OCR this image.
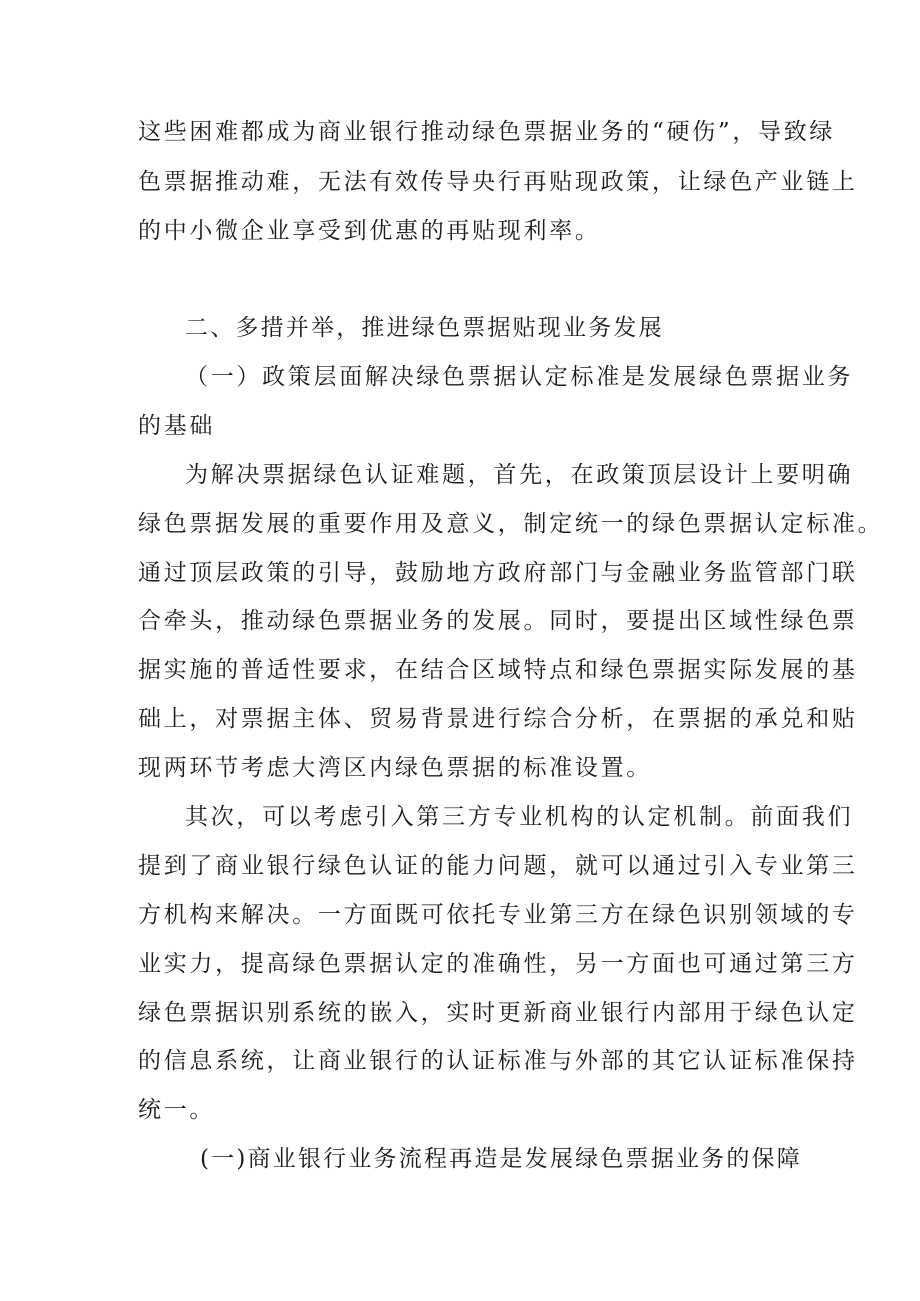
这些困难都成为商业银行推动绿色票据业务的“硬伤”，导致绿
色票据推动难，无法有效传导央行再贴现政策，让绿色产业链上
的中小微企业享受到优惠的再贴现利率。
二、多措并举，推进绿色票据贴现业务发展
（一）政策层面解决绿色票据认定标准是发展绿色票据业务
的基础
为解决票据绿色认证难题，首先，在政策顶层设计上要明确
绿色票据发展的重要作用及意义，制定统一的绿色票据认定标准。
通过顶层政策的引导，鼓励地方政府部门与金融业务监管部门联
合牵头，推动绿色票据业务的发展。同时，要提出区域性绿色票
据实施的普适性要求，在结合区域特点和绿色票据实际发展的基
础上，对票据主体、贸易背景进行综合分析，在票据的承兑和贴
现两环节考虑大湾区内绿色票据的标准设置。
其次，可以考虑引入第三方专业机构的认定机制。前面我们
提到了商业银行绿色认证的能力问题，就可以通过引入专业第三
方机构来解决。一方面既可依托专业第三方在绿色识别领域的专
业实力，提高绿色票据认定的准确性，另一方面也可通过第三方
绿色票据识别系统的嵌入，实时更新商业银行内部用于绿色认定
的信息系统，让商业银行的认证标准与外部的其它认证标准保持
统一。
(一)商业银行业务流程再造是发展绿色票据业务的保障
